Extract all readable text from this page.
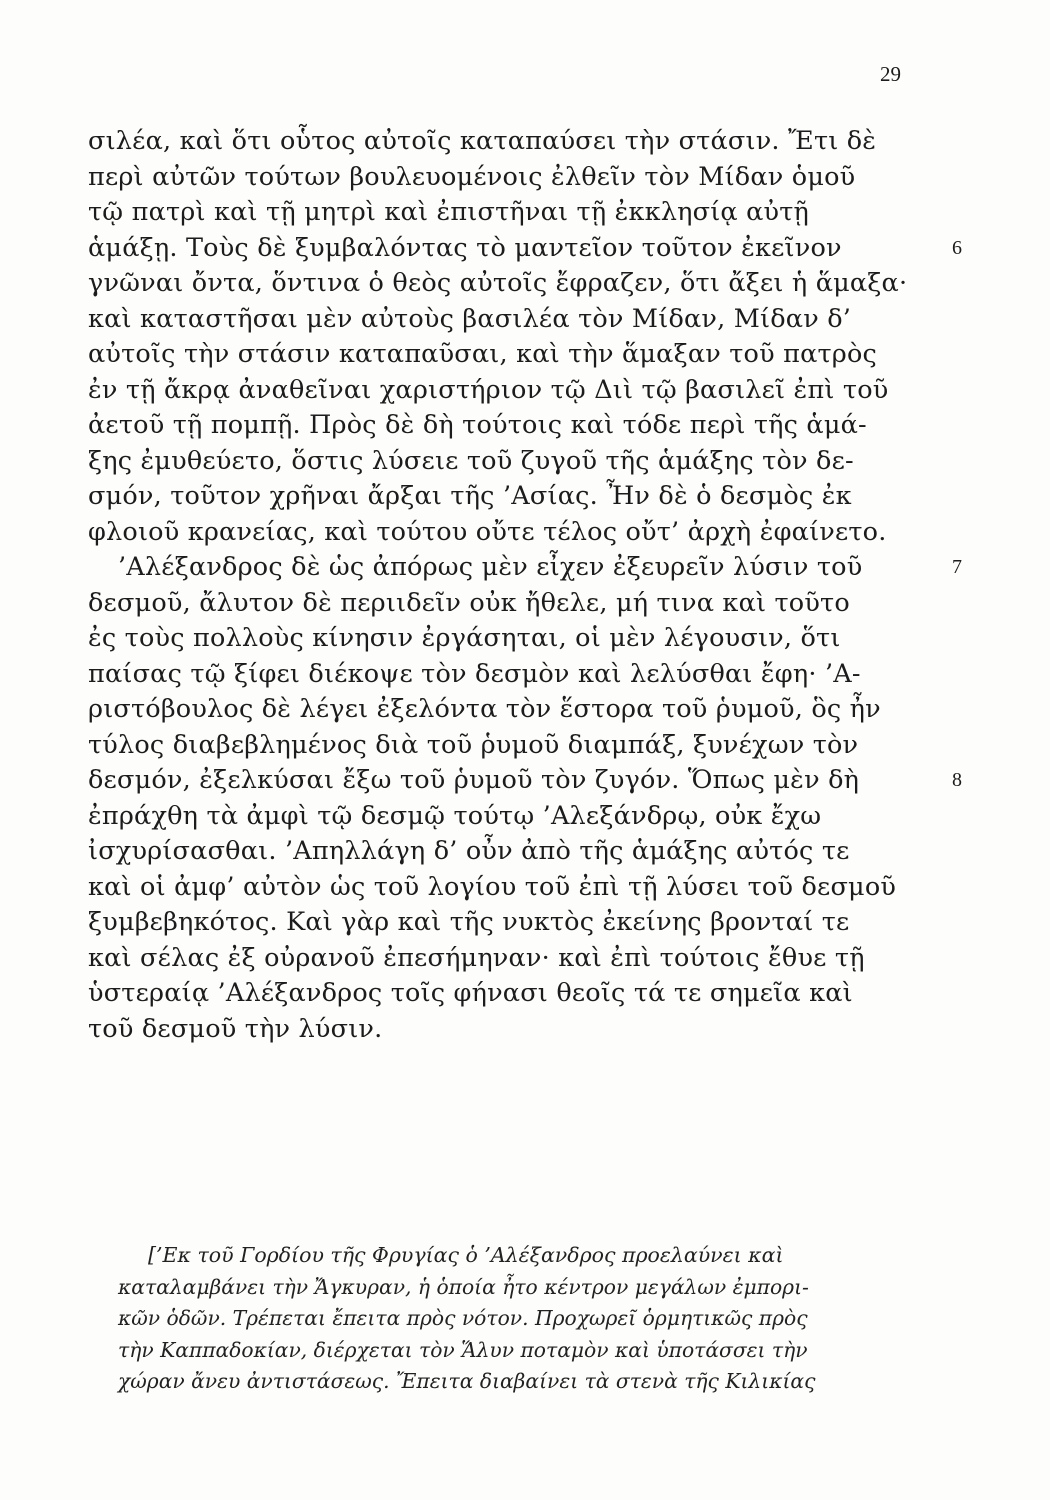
29
σιλέα, καὶ ὅτι οὗτος αὐτοῖς καταπαύσει τὴν στάσιν. Ἔτι δὲ
περὶ αὐτῶν τούτων βουλευομένοις ἐλθεῖν τὸν Μίδαν ὁμοῦ
τῷ πατρὶ καὶ τῇ μητρὶ καὶ ἐπιστῆναι τῇ ἐκκλησίᾳ αὐτῇ
ἁμάξῃ. Τοὺς δὲ ξυμβαλόντας τὸ μαντεῖον τοῦτον ἐκεῖνον	6
γνῶναι ὄντα, ὅντινα ὁ θεὸς αὐτοῖς ἔφραζεν, ὅτι ἄξει ἡ ἅμαξα·
καὶ καταστῆσαι μὲν αὐτοὺς βασιλέα τὸν Μίδαν, Μίδαν δ’
αὐτοῖς τὴν στάσιν καταπαῦσαι, καὶ τὴν ἅμαξαν τοῦ πατρὸς
ἐν τῇ ἄκρᾳ ἀναθεῖναι χαριστήριον τῷ Διὶ τῷ βασιλεῖ ἐπὶ τοῦ
ἀετοῦ τῇ πομπῇ. Πρὸς δὲ δὴ τούτοις καὶ τόδε περὶ τῆς ἁμά-
ξης ἐμυθεύετο, ὅστις λύσειε τοῦ ζυγοῦ τῆς ἁμάξης τὸν δε-
σμόν, τοῦτον χρῆναι ἄρξαι τῆς ’Ασίας. Ἦν δὲ ὁ δεσμὸς ἐκ
φλοιοῦ κρανείας, καὶ τούτου οὔτε τέλος οὔτ’ ἀρχὴ ἐφαίνετο.
’Αλέξανδρος δὲ ὡς ἀπόρως μὲν εἶχεν ἐξευρεῖν λύσιν τοῦ	7
δεσμοῦ, ἄλυτον δὲ περιιδεῖν οὐκ ἤθελε, μή τινα καὶ τοῦτο
ἐς τοὺς πολλοὺς κίνησιν ἐργάσηται, οἱ μὲν λέγουσιν, ὅτι
παίσας τῷ ξίφει διέκοψε τὸν δεσμὸν καὶ λελύσθαι ἔφη· ’Α-
ριστόβουλος δὲ λέγει ἐξελόντα τὸν ἕστορα τοῦ ῥυμοῦ, ὃς ἦν
τύλος διαβεβλημένος διὰ τοῦ ῥυμοῦ διαμπάξ, ξυνέχων τὸν
δεσμόν, ἐξελκύσαι ἔξω τοῦ ῥυμοῦ τὸν ζυγόν. Ὅπως μὲν δὴ	8
ἐπράχθη τὰ ἀμφὶ τῷ δεσμῷ τούτῳ ’Αλεξάνδρῳ, οὐκ ἔχω
ἰσχυρίσασθαι. ’Απηλλάγη δ’ οὖν ἀπὸ τῆς ἁμάξης αὐτός τε
καὶ οἱ ἀμφ’ αὐτὸν ὡς τοῦ λογίου τοῦ ἐπὶ τῇ λύσει τοῦ δεσμοῦ
ξυμβεβηκότος. Καὶ γὰρ καὶ τῆς νυκτὸς ἐκείνης βρονταί τε
καὶ σέλας ἐξ οὐρανοῦ ἐπεσήμηναν· καὶ ἐπὶ τούτοις ἔθυε τῇ
ὑστεραίᾳ ’Αλέξανδρος τοῖς φήνασι θεοῖς τά τε σημεῖα καὶ
τοῦ δεσμοῦ τὴν λύσιν.
[’Εκ τοῦ Γορδίου τῆς Φρυγίας ὁ ’Αλέξανδρος προελαύνει καὶ
καταλαμβάνει τὴν Ἄγκυραν, ἡ ὁποία ἦτο κέντρον μεγάλων ἐμπορι-
κῶν ὁδῶν. Τρέπεται ἔπειτα πρὸς νότον. Προχωρεῖ ὁρμητικῶς πρὸς
τὴν Καππαδοκίαν, διέρχεται τὸν Ἅλυν ποταμὸν καὶ ὑποτάσσει τὴν
χώραν ἄνευ ἀντιστάσεως. Ἔπειτα διαβαίνει τὰ στενὰ τῆς Κιλικίας
